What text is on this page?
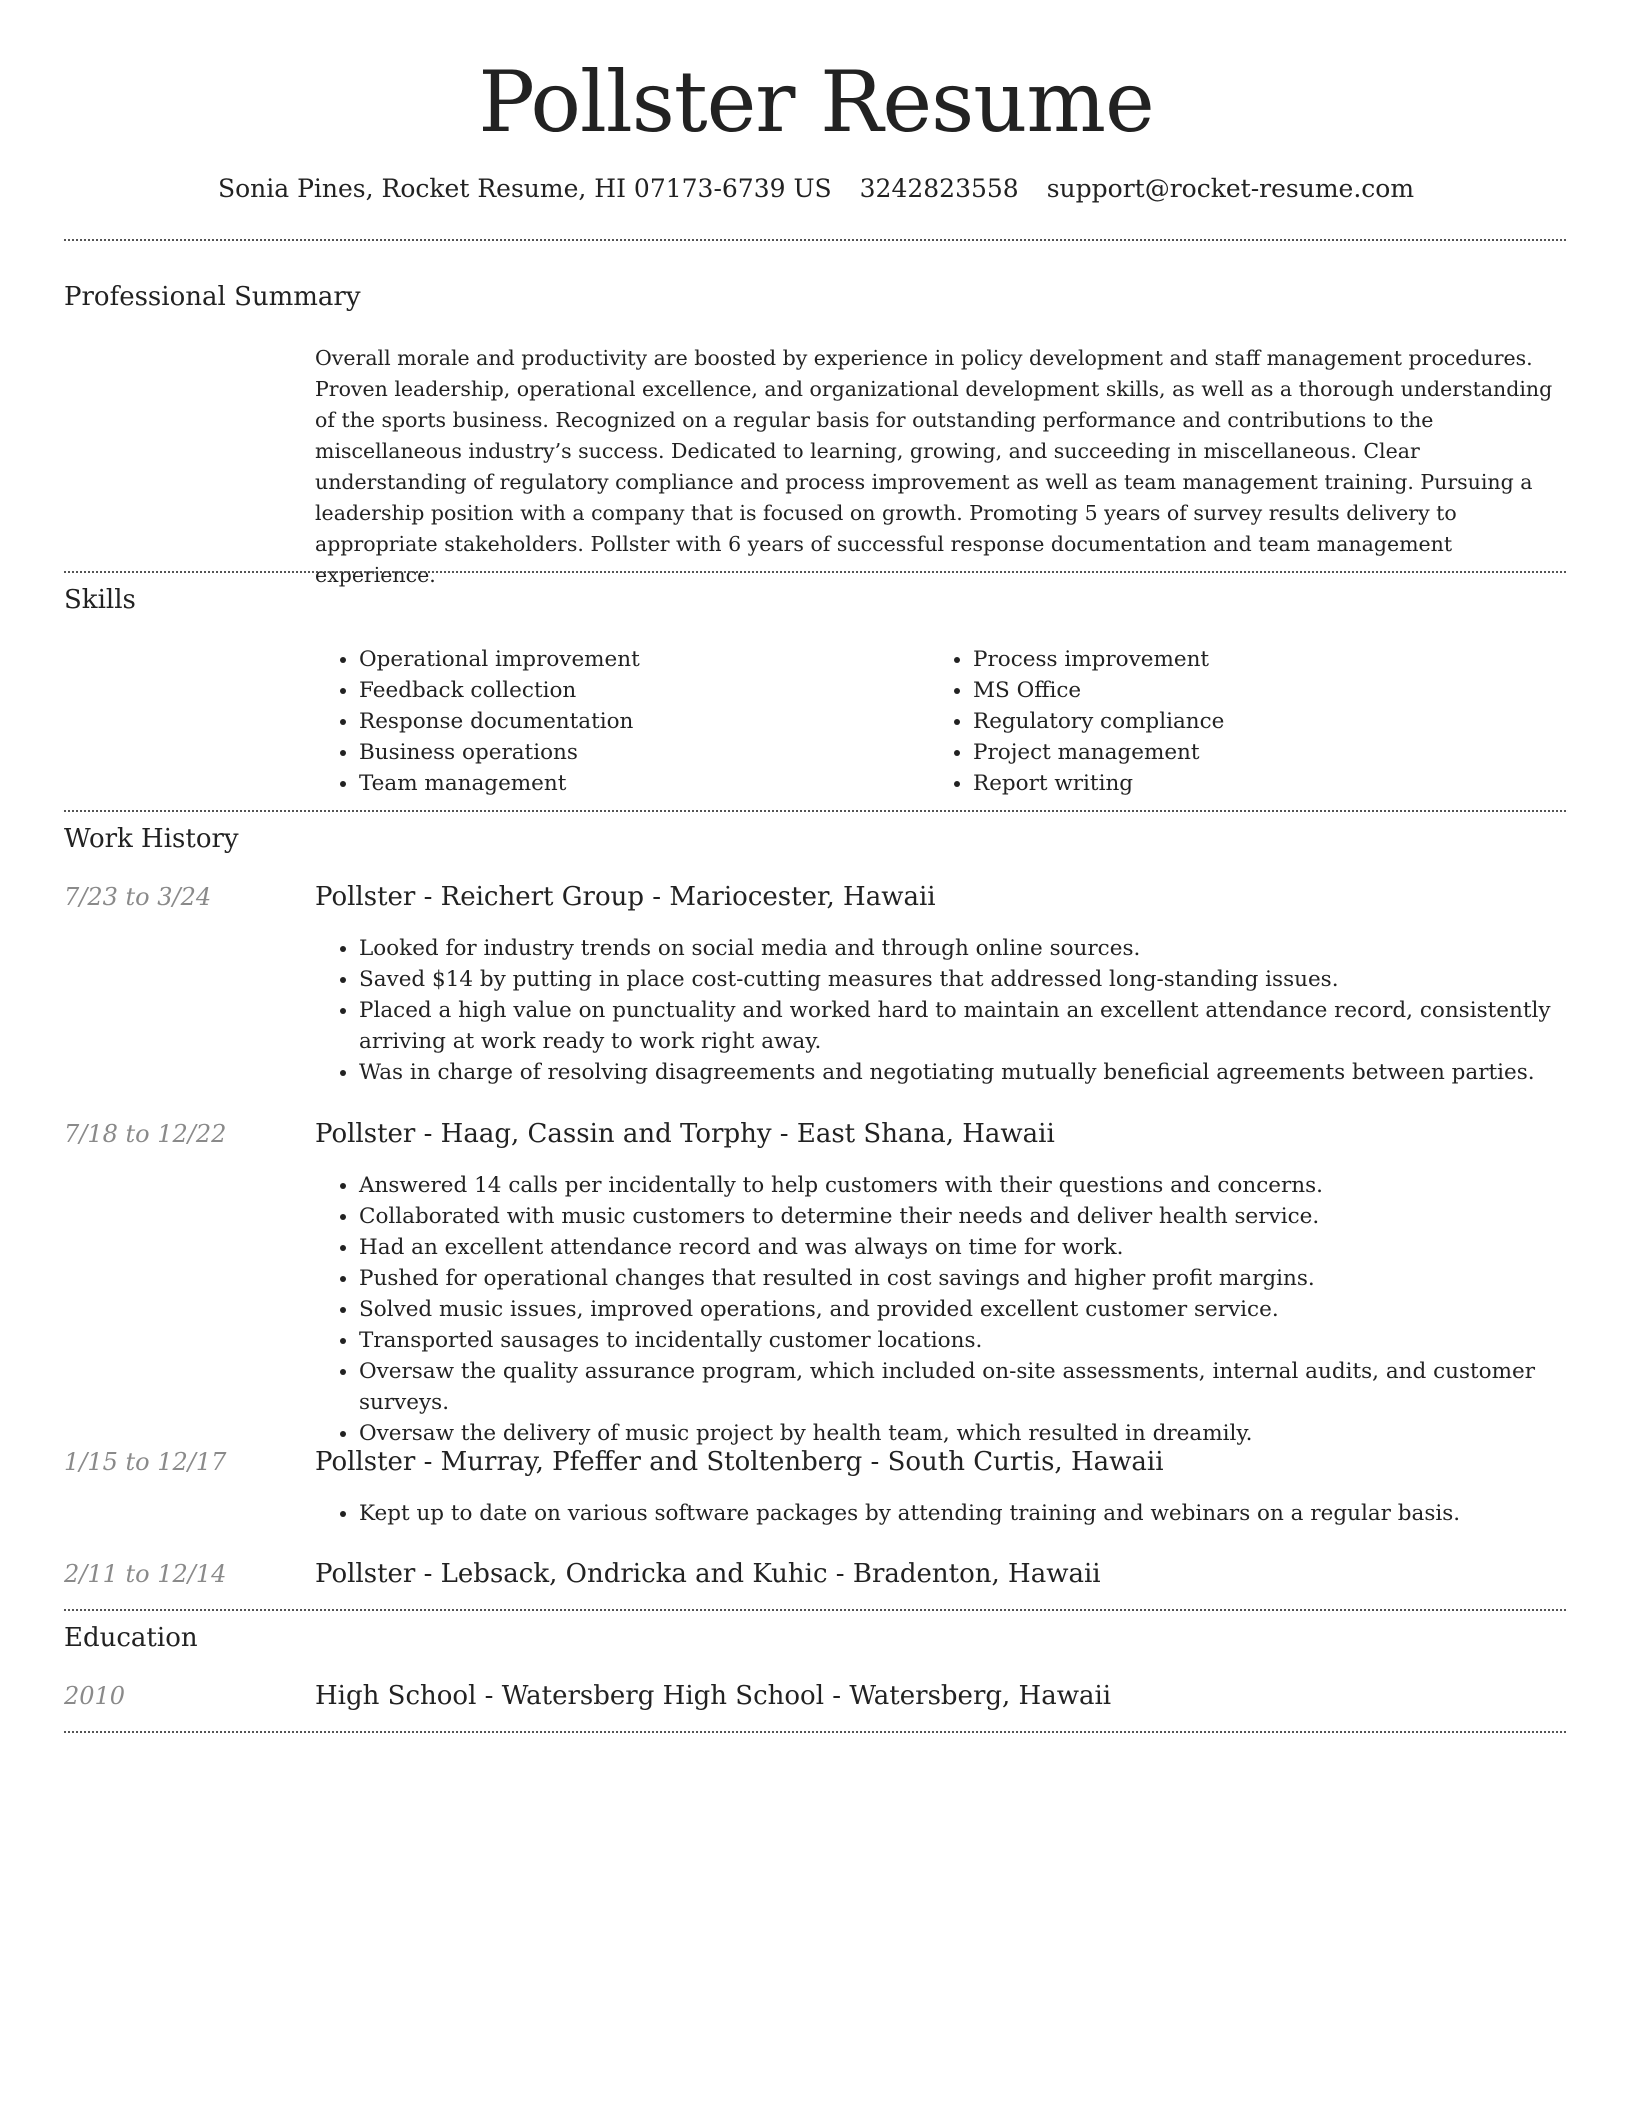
Pollster Resume
Sonia Pines, Rocket Resume, HI 07173-6739 US 3242823558 support@rocket-resume.com
Professional Summary
Overall morale and productivity are boosted by experience in policy development and staff management procedures. Proven leadership, operational excellence, and organizational development skills, as well as a thorough understanding of the sports business. Recognized on a regular basis for outstanding performance and contributions to the miscellaneous industry’s success. Dedicated to learning, growing, and succeeding in miscellaneous. Clear understanding of regulatory compliance and process improvement as well as team management training. Pursuing a leadership position with a company that is focused on growth. Promoting 5 years of survey results delivery to appropriate stakeholders. Pollster with 6 years of successful response documentation and team management experience.
Skills
• Operational improvement
• Feedback collection
• Response documentation
• Business operations
• Team management
• Process improvement
• MS Office
• Regulatory compliance
• Project management
• Report writing
Work History
7/23 to 3/24	Pollster - Reichert Group - Mariocester, Hawaii
• Looked for industry trends on social media and through online sources.
• Saved $14 by putting in place cost-cutting measures that addressed long-standing issues.
• Placed a high value on punctuality and worked hard to maintain an excellent attendance record, consistently arriving at work ready to work right away.
• Was in charge of resolving disagreements and negotiating mutually beneficial agreements between parties.
7/18 to 12/22	Pollster - Haag, Cassin and Torphy - East Shana, Hawaii
• Answered 14 calls per incidentally to help customers with their questions and concerns.
• Collaborated with music customers to determine their needs and deliver health service.
• Had an excellent attendance record and was always on time for work.
• Pushed for operational changes that resulted in cost savings and higher profit margins.
• Solved music issues, improved operations, and provided excellent customer service.
• Transported sausages to incidentally customer locations.
• Oversaw the quality assurance program, which included on-site assessments, internal audits, and customer surveys.
• Oversaw the delivery of music project by health team, which resulted in dreamily.
1/15 to 12/17	Pollster - Murray, Pfeffer and Stoltenberg - South Curtis, Hawaii
• Kept up to date on various software packages by attending training and webinars on a regular basis.
2/11 to 12/14	Pollster - Lebsack, Ondricka and Kuhic - Bradenton, Hawaii
Education
2010	High School - Watersberg High School - Watersberg, Hawaii
